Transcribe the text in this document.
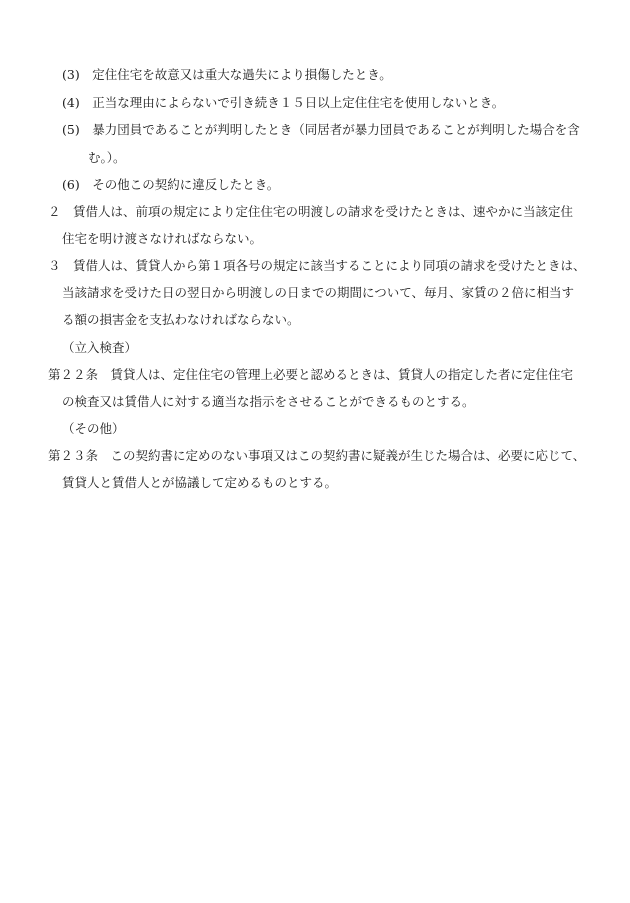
(3)　定住住宅を故意又は重大な過失により損傷したとき。
(4)　正当な理由によらないで引き続き１５日以上定住住宅を使用しないとき。
(5)　暴力団員であることが判明したとき（同居者が暴力団員であることが判明した場合を含
む。）。
(6)　その他この契約に違反したとき。
２　賃借人は、前項の規定により定住住宅の明渡しの請求を受けたときは、速やかに当該定住
住宅を明け渡さなければならない。
３　賃借人は、賃貸人から第１項各号の規定に該当することにより同項の請求を受けたときは、
当該請求を受けた日の翌日から明渡しの日までの期間について、毎月、家賃の２倍に相当す
る額の損害金を支払わなければならない。
（立入検査）
第２２条　賃貸人は、定住住宅の管理上必要と認めるときは、賃貸人の指定した者に定住住宅
の検査又は賃借人に対する適当な指示をさせることができるものとする。
（その他）
第２３条　この契約書に定めのない事項又はこの契約書に疑義が生じた場合は、必要に応じて、
賃貸人と賃借人とが協議して定めるものとする。
